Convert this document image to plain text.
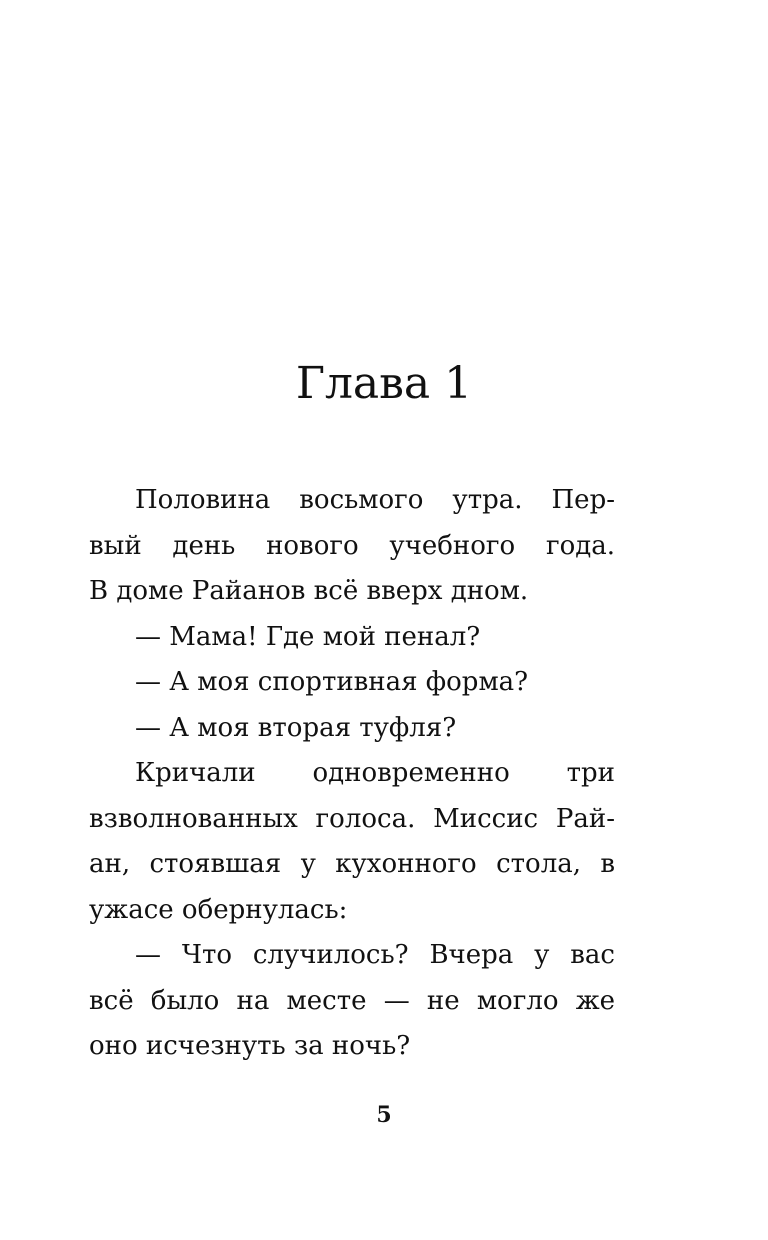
Глава 1
Половина восьмого утра. Пер-
вый день нового учебного года.
В доме Райанов всё вверх дном.
— Мама! Где мой пенал?
— А моя спортивная форма?
— А моя вторая туфля?
Кричали одновременно три
взволнованных голоса. Миссис Рай-
ан, стоявшая у кухонного стола, в
ужасе обернулась:
— Что случилось? Вчера у вас
всё было на месте — не могло же
оно исчезнуть за ночь?
5
